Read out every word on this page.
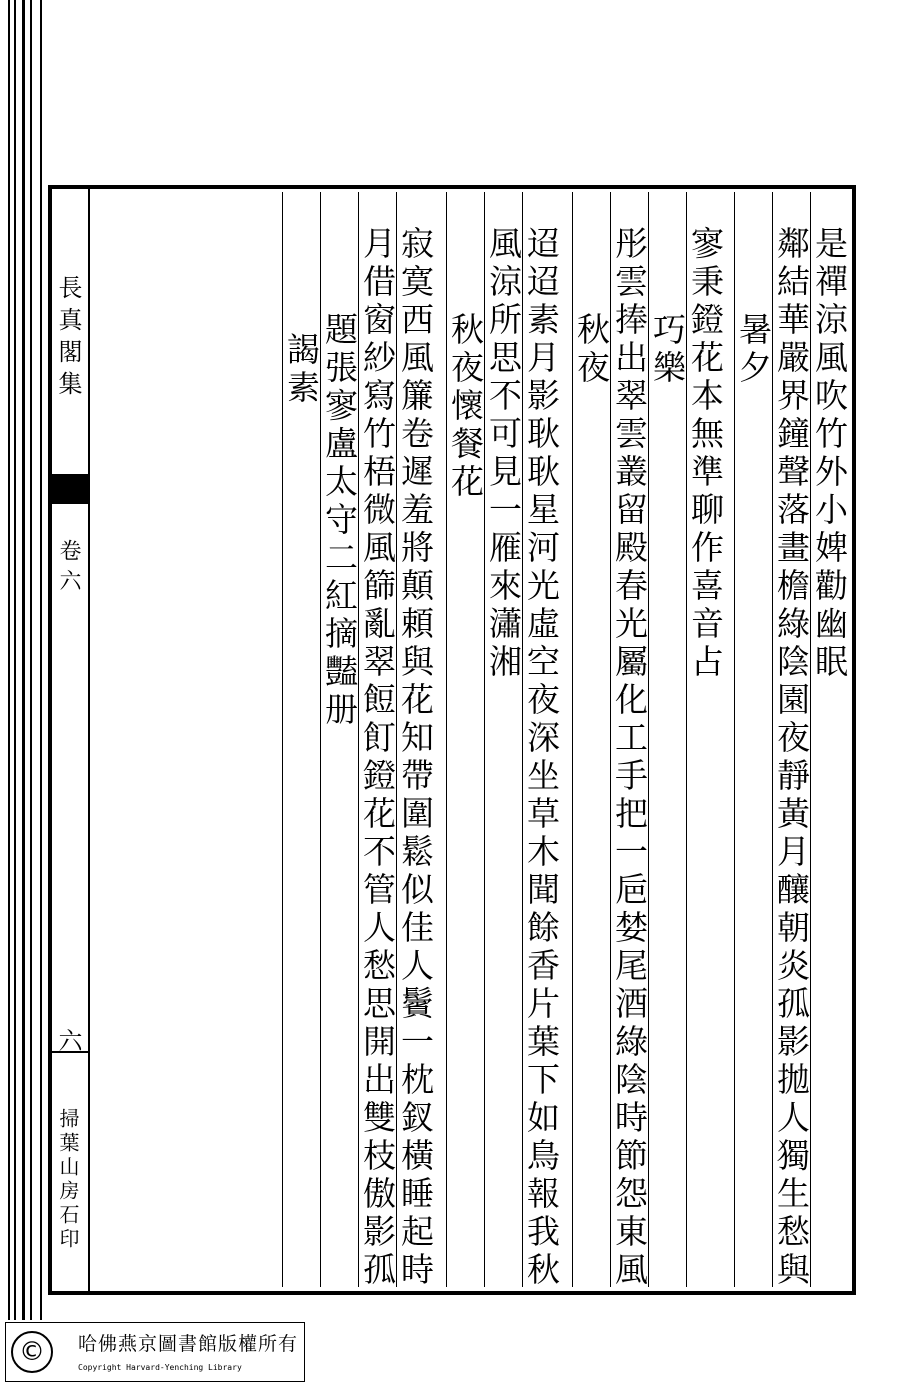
長真閣集
卷六
六
掃葉山房石印
是禪涼風吹竹外小婢勸幽眠
鄰結華嚴界鐘聲落畫檐綠陰園夜靜黃月釀朝炎孤影拋人獨生愁與
暑夕
寥秉鐙花本無準聊作喜音占
巧樂
彤雲捧出翠雲叢留殿春光屬化工手把一巵婪尾酒綠陰時節怨東風
秋夜
迢迢素月影耿耿星河光虛空夜深坐草木聞餘香片葉下如鳥報我秋
風涼所思不可見一雁來瀟湘
秋夜懷餐花
寂寞西風簾卷遲羞將顛頼與花知帶圍鬆似佳人鬢一枕釵橫睡起時
月借窗紗寫竹梧微風篩亂翠餖飣鐙花不管人愁思開出雙枝傲影孤
題張寥盧太守二紅摘豔册
謁素
©	哈佛燕京圖書館版權所有
Copyright Harvard-Yenching Library
